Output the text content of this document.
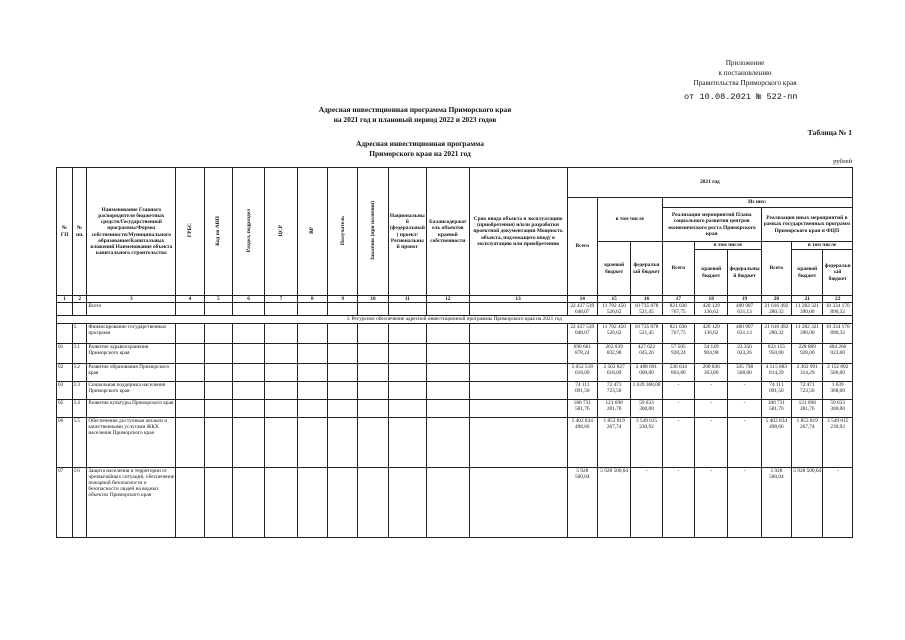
Приложение
к постановлению
Правительства Приморского края
от 10.08.2021 № 522-пп
Адресная инвестиционная программа Приморского края
на 2021 год и плановый период 2022 и 2023 годов
Таблица № 1
Адресная инвестиционная программа
Приморского края на 2021 год
рублей
№ ГП	№ пп.	Наименование Главного распорядителя бюджетных средств/Государственной программы/Формы собственности/Муниципального образования/Капитальных вложений Наименование объекта капитального строительства	ГРБС	Код по АИП	Раздел, подраздел	ЦСР	ВР	Получатель	Заказчик (при наличии)	Национальный (федеральный) проект/ Региональный проект	Балансодержатель объектов краевой собственности	Срок ввода объекта в эксплуатацию (приобретения) и/или разработки проектной документации Мощность объекта, подлежащего вводу в эксплуатацию или приобретению	2021 год								
													Всего	в том числе		Из них:					
																Реализация мероприятий Плана социального развития центров экономического роста Приморского края			Реализация иных мероприятий в рамках государственных программ Приморского края и ФЦП		
														краевой бюджет	федеральный бюджет	Всего	в том числе		Всего	в том числе	
																	краевой бюджет	федеральный бюджет		краевой бюджет	федеральный бюджет
1	2	3	4	5	6	7	8	9	10	11	12	13	14	15	16	17	18	19	20	21	22
		Всего											22 437 539 048,07	11 702 450 526,62	10 735 078 521,45	821 036 767,75	420 129 136,62	400 907 631,13	21 616 492 280,32	11 282 321 390,00	10 334 170 890,32
I. Ресурсное обеспечение адресной инвестиционной программы Приморского края на 2021 год																					
	I.	Финансирование государственных программ											22 437 539 048,07	11 702 450 526,62	10 735 078 521,45	821 036 767,75	420 129 136,62	400 907 631,13	21 616 492 280,32	11 282 321 390,00	10 334 170 890,32
01	I.1	Развитие здравоохранения Приморского края											690 661 878,24	263 039 832,98	427 622 045,26	57 505 928,24	34 149 904,98	23 356 023,26	633 155 950,00	228 889 928,00	404 266 022,00
02	I.2	Развитие образования Приморского края											5 052 518 618,09	2 563 827 618,09	2 488 691 000,00	536 634 803,80	200 836 303,80	335 798 500,00	4 515 883 814,29	2 362 991 314,29	2 152 892 500,00
03	I.3	Социальная поддержка населения Приморского края											74 111 091,50	72 471 723,50	1 639 368,00	-	-	-	74 111 091,50	72 471 723,50	1 639 368,00
05	I.4	Развитие культуры Приморского края											180 731 581,76	121 698 281,76	59 033 300,00	-	-	-	180 731 581,76	121 698 281,76	59 033 300,00
06	I.5	Обеспечение доступным жильем и качественными услугами ЖКХ населения Приморского края											5 402 834 498,66	1 853 819 267,74	3 549 015 230,92	-	-	-	5 402 834 498,66	1 853 819 267,74	3 549 015 230,92
07	I.6	Защита населения и территории от чрезвычайных ситуаций, обеспечение пожарной безопасности и безопасности людей на водных объектах Приморского края											5 928 500,04	5 928 500,04	-	-	-	-	5 928 500,04	5 928 500,04	-
